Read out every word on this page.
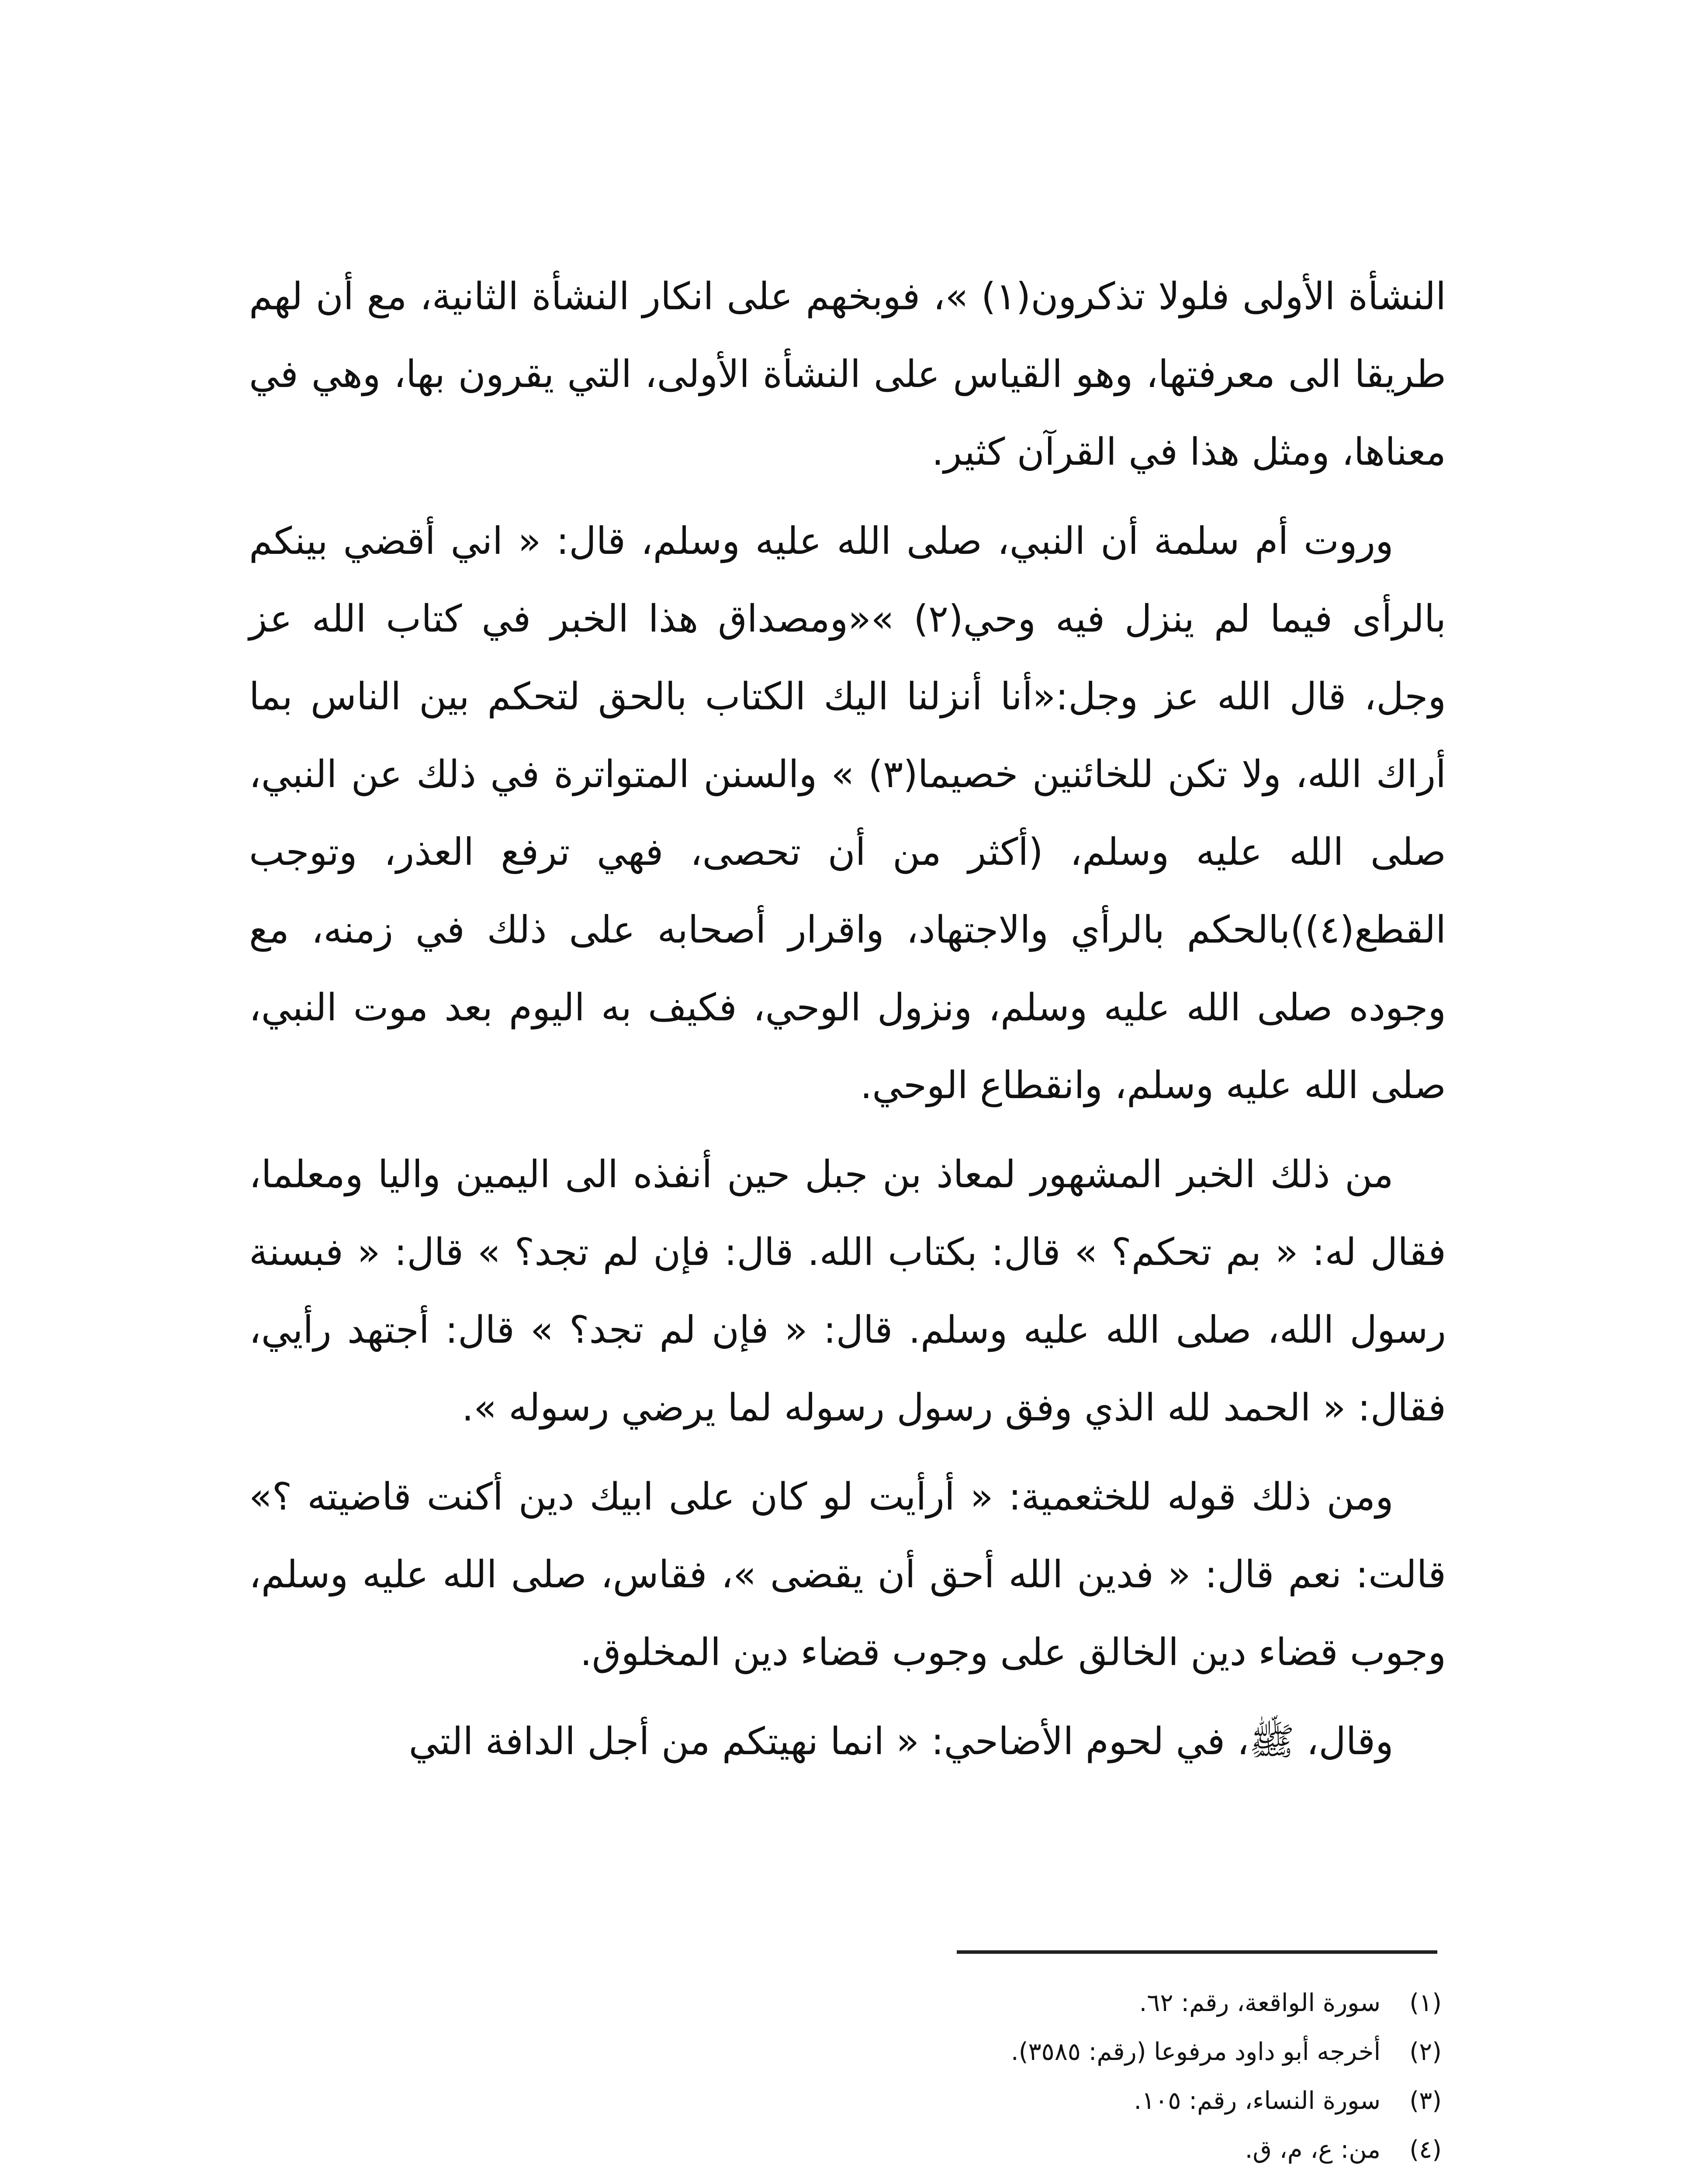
النشأة الأولى فلولا تذكرون(١) »، فوبخهم على انكار النشأة الثانية، مع أن لهم طريقا الى معرفتها، وهو القياس على النشأة الأولى، التي يقرون بها، وهي في معناها، ومثل هذا في القرآن كثير.

وروت أم سلمة أن النبي، صلى الله عليه وسلم، قال: « اني أقضي بينكم بالرأى فيما لم ينزل فيه وحي(٢) »«ومصداق هذا الخبر في كتاب الله عز وجل، قال الله عز وجل:«أنا أنزلنا اليك الكتاب بالحق لتحكم بين الناس بما أراك الله، ولا تكن للخائنين خصيما(٣) » والسنن المتواترة في ذلك عن النبي، صلى الله عليه وسلم، (أكثر من أن تحصى، فهي ترفع العذر، وتوجب القطع(٤))بالحكم بالرأي والاجتهاد، واقرار أصحابه على ذلك في زمنه، مع وجوده صلى الله عليه وسلم، ونزول الوحي، فكيف به اليوم بعد موت النبي، صلى الله عليه وسلم، وانقطاع الوحي.

من ذلك الخبر المشهور لمعاذ بن جبل حين أنفذه الى اليمين واليا ومعلما، فقال له: « بم تحكم؟ » قال: بكتاب الله. قال: فإن لم تجد؟ » قال: « فبسنة رسول الله، صلى الله عليه وسلم. قال: « فإن لم تجد؟ » قال: أجتهد رأيي، فقال: « الحمد لله الذي وفق رسول رسوله لما يرضي رسوله ».

ومن ذلك قوله للخثعمية: « أرأيت لو كان على ابيك دين أكنت قاضيته ؟» قالت: نعم قال: « فدين الله أحق أن يقضى »، فقاس، صلى الله عليه وسلم، وجوب قضاء دين الخالق على وجوب قضاء دين المخلوق.

وقال، ﷺ، في لحوم الأضاحي: « انما نهيتكم من أجل الدافة التي

(١)
سورة الواقعة، رقم: ٦٢.
(٢)
أخرجه أبو داود مرفوعا (رقم: ٣٥٨٥).
(٣)
سورة النساء، رقم: ١٠٥.
(٤)
من: ع، م، ق.
